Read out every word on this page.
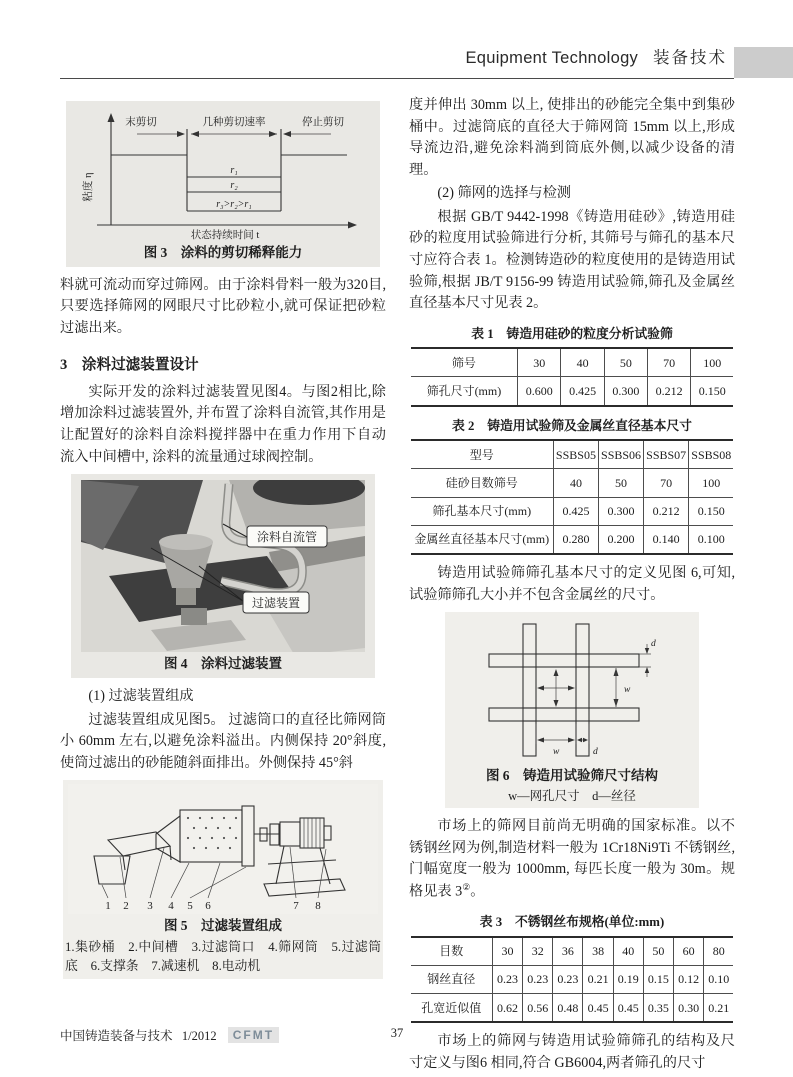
Equipment Technology 装备技术
末剪切	几种剪切速率	停止剪切
r₁
r₂
r₃>r₂>r₁
粘度 η
状态持续时间 t
图 3　涂料的剪切稀释能力

料就可流动而穿过筛网。由于涂料骨料一般为320目,只要选择筛网的网眼尺寸比砂粒小,就可保证把砂粒过滤出来。

3　涂料过滤装置设计

实际开发的涂料过滤装置见图4。与图2相比,除增加涂料过滤装置外, 并布置了涂料自流管,其作用是让配置好的涂料自涂料搅拌器中在重力作用下自动流入中间槽中, 涂料的流量通过球阀控制。

涂料自流管
过滤装置
图 4　涂料过滤装置

(1) 过滤装置组成

过滤装置组成见图5。 过滤筒口的直径比筛网筒小 60mm 左右,以避免涂料溢出。内侧保持 20°斜度,使筒过滤出的砂能随斜面排出。外侧保持 45°斜

1 2 3 4 5 6	7 8
图 5　过滤装置组成
1.集砂桶　2.中间槽　3.过滤筒口　4.筛网筒　5.过滤筒底　6.支撑条　7.减速机　8.电动机

度并伸出 30mm 以上, 使排出的砂能完全集中到集砂桶中。过滤筒底的直径大于筛网筒 15mm 以上,形成导流边沿,避免涂料淌到筒底外侧,以减少设备的清理。

(2) 筛网的选择与检测

根据 GB/T 9442-1998《铸造用硅砂》,铸造用硅砂的粒度用试验筛进行分析, 其筛号与筛孔的基本尺寸应符合表 1。检测铸造砂的粒度使用的是铸造用试验筛,根据 JB/T 9156-99 铸造用试验筛,筛孔及金属丝直径基本尺寸见表 2。

表 1　铸造用硅砂的粒度分析试验筛
筛号	30	40	50	70	100
筛孔尺寸(mm)	0.600	0.425	0.300	0.212	0.150
表 2　铸造用试验筛及金属丝直径基本尺寸
型号	SSBS05	SSBS06	SSBS07	SSBS08
硅砂目数筛号	40	50	70	100
筛孔基本尺寸(mm)	0.425	0.300	0.212	0.150
金属丝直径基本尺寸(mm)	0.280	0.200	0.140	0.100

铸造用试验筛筛孔基本尺寸的定义见图 6,可知,试验筛筛孔大小并不包含金属丝的尺寸。

w
d
w	d
图 6　铸造用试验筛尺寸结构
w—网孔尺寸　d—丝径

市场上的筛网目前尚无明确的国家标准。以不锈钢丝网为例,制造材料一般为 1Cr18Ni9Ti 不锈钢丝, 门幅宽度一般为 1000mm, 每匹长度一般为 30m。规格见表 3②。

表 3　不锈钢丝布规格(单位:mm)
目数	30	32	36	38	40	50	60	80
钢丝直径	0.23	0.23	0.23	0.21	0.19	0.15	0.12	0.10
孔宽近似值	0.62	0.56	0.48	0.45	0.45	0.35	0.30	0.21

市场上的筛网与铸造用试验筛筛孔的结构及尺寸定义与图6 相同,符合 GB6004,两者筛孔的尺寸

中国铸造装备与技术 1/2012 CFMT	37
